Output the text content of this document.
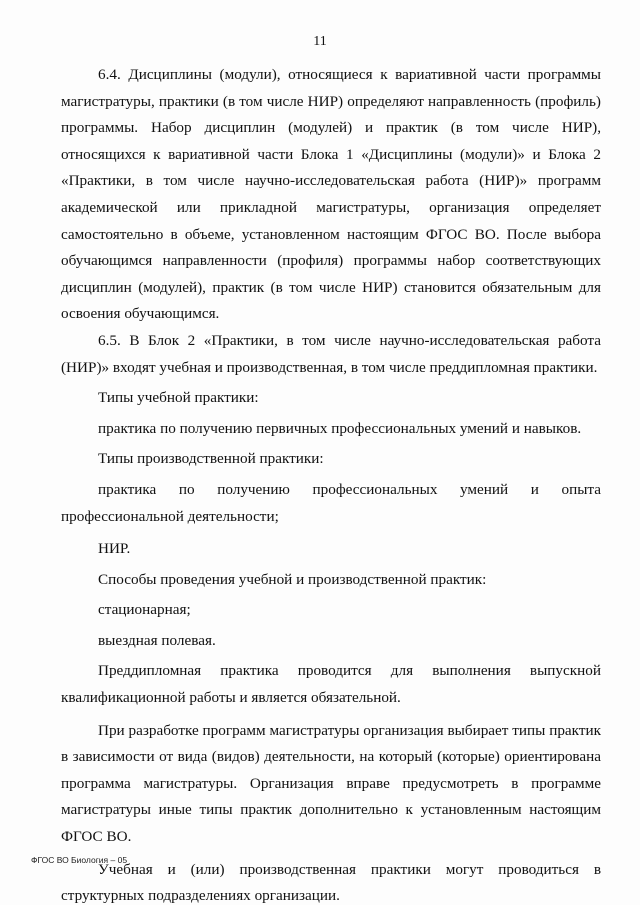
11

6.4. Дисциплины (модули), относящиеся к вариативной части программы магистратуры, практики (в том числе НИР) определяют направленность (профиль) программы. Набор дисциплин (модулей) и практик (в том числе НИР), относящихся к вариативной части Блока 1 «Дисциплины (модули)» и Блока 2 «Практики, в том числе научно-исследовательская работа (НИР)» программ академической или прикладной магистратуры, организация определяет самостоятельно в объеме, установленном настоящим ФГОС ВО. После выбора обучающимся направленности (профиля) программы набор соответствующих дисциплин (модулей), практик (в том числе НИР) становится обязательным для освоения обучающимся.

6.5. В Блок 2 «Практики, в том числе научно-исследовательская работа (НИР)» входят учебная и производственная, в том числе преддипломная практики.

Типы учебной практики:

практика по получению первичных профессиональных умений и навыков.

Типы производственной практики:

практика по получению профессиональных умений и опыта профессиональной деятельности;

НИР.

Способы проведения учебной и производственной практик:

стационарная;

выездная полевая.

Преддипломная практика проводится для выполнения выпускной квалификационной работы и является обязательной.

При разработке программ магистратуры организация выбирает типы практик в зависимости от вида (видов) деятельности, на который (которые) ориентирована программа магистратуры. Организация вправе предусмотреть в программе магистратуры иные типы практик дополнительно к установленным настоящим ФГОС ВО.

Учебная и (или) производственная практики могут проводиться в структурных подразделениях организации.

ФГОС ВО Биология – 05
